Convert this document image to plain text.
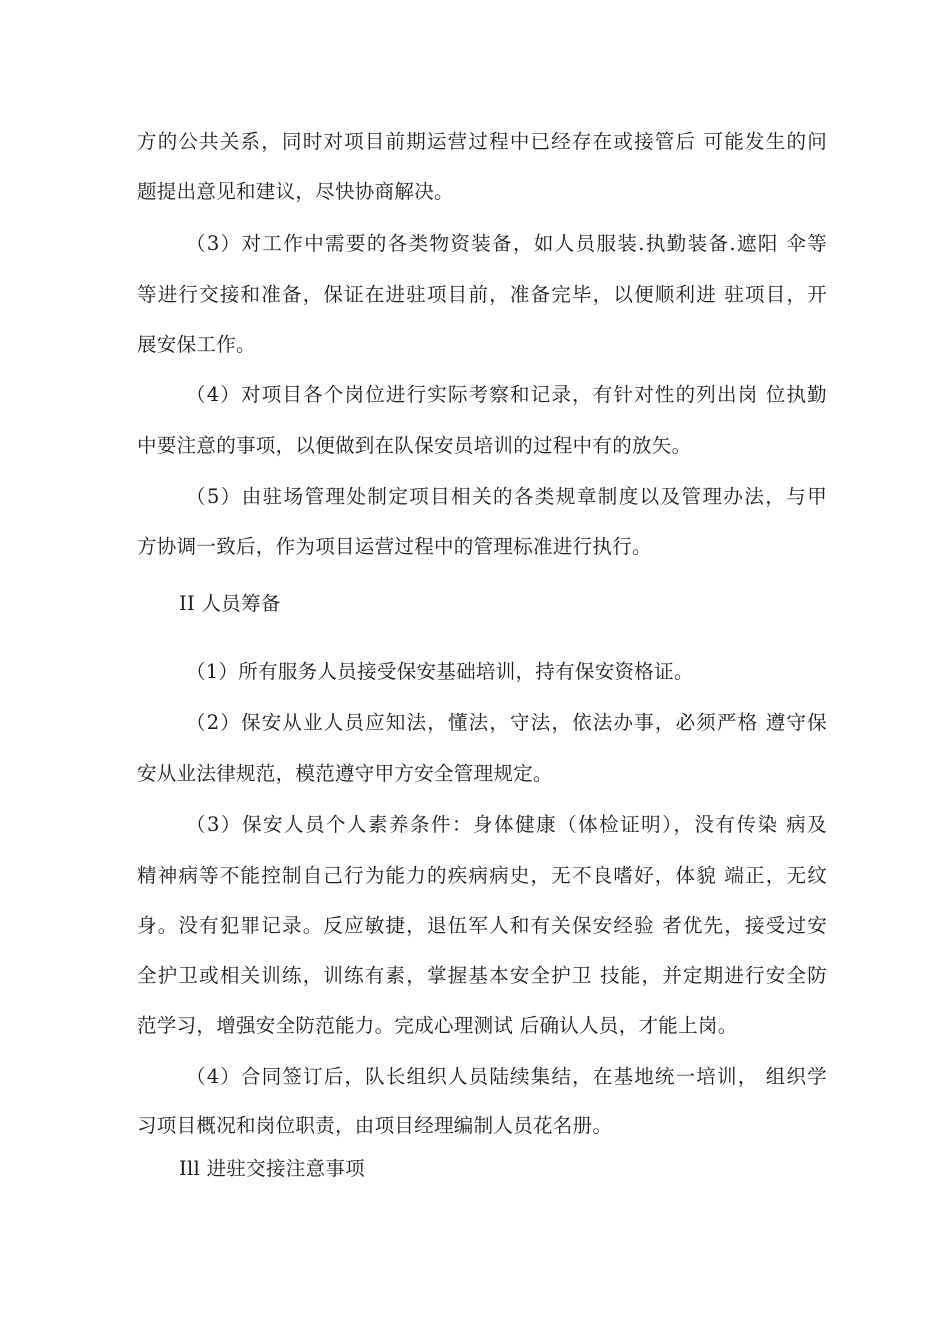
方的公共关系，同时对项目前期运营过程中已经存在或接管后 可能发生的问
题提出意见和建议，尽快协商解决。
（3）对工作中需要的各类物资装备，如人员服装.执勤装备.遮阳 伞等
等进行交接和准备，保证在进驻项目前，准备完毕，以便顺利进 驻项目，开
展安保工作。
（4）对项目各个岗位进行实际考察和记录，有针对性的列出岗 位执勤
中要注意的事项，以便做到在队保安员培训的过程中有的放矢。
（5）由驻场管理处制定项目相关的各类规章制度以及管理办法，与甲
方协调一致后，作为项目运营过程中的管理标准进行执行。
II 人员筹备
（1）所有服务人员接受保安基础培训，持有保安资格证。
（2）保安从业人员应知法，懂法，守法，依法办事，必须严格 遵守保
安从业法律规范，模范遵守甲方安全管理规定。
（3）保安人员个人素养条件：身体健康（体检证明），没有传染 病及
精神病等不能控制自己行为能力的疾病病史，无不良嗜好，体貌 端正，无纹
身。没有犯罪记录。反应敏捷，退伍军人和有关保安经验 者优先，接受过安
全护卫或相关训练，训练有素，掌握基本安全护卫 技能，并定期进行安全防
范学习，增强安全防范能力。完成心理测试 后确认人员，才能上岗。
（4）合同签订后，队长组织人员陆续集结，在基地统一培训， 组织学
习项目概况和岗位职责，由项目经理编制人员花名册。
Ill 进驻交接注意事项
